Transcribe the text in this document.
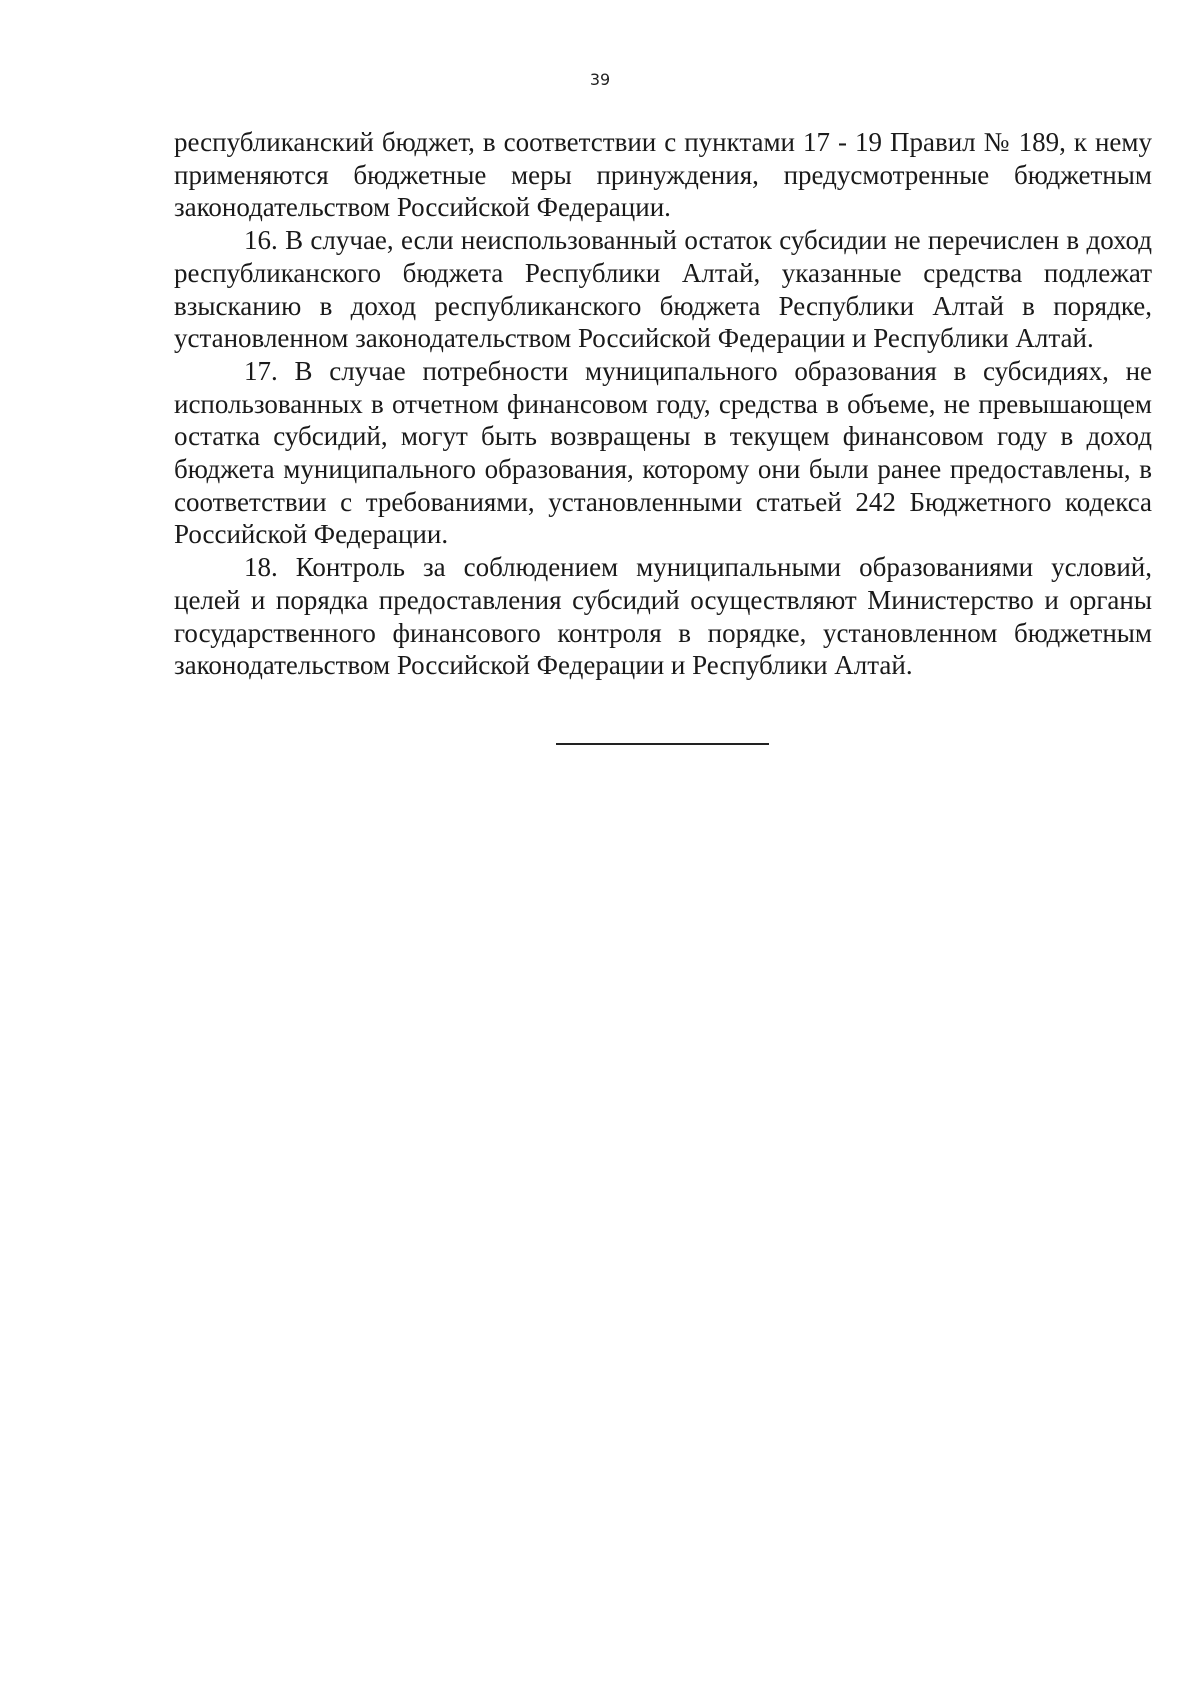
39

республиканский бюджет, в соответствии с пунктами 17 - 19 Правил № 189, к нему применяются бюджетные меры принуждения, предусмотренные бюджетным законодательством Российской Федерации.

16. В случае, если неиспользованный остаток субсидии не перечислен в доход республиканского бюджета Республики Алтай, указанные средства подлежат взысканию в доход республиканского бюджета Республики Алтай в порядке, установленном законодательством Российской Федерации и Республики Алтай.

17. В случае потребности муниципального образования в субсидиях, не использованных в отчетном финансовом году, средства в объеме, не превышающем остатка субсидий, могут быть возвращены в текущем финансовом году в доход бюджета муниципального образования, которому они были ранее предоставлены, в соответствии с требованиями, установленными статьей 242 Бюджетного кодекса Российской Федерации.

18. Контроль за соблюдением муниципальными образованиями условий, целей и порядка предоставления субсидий осуществляют Министерство и органы государственного финансового контроля в порядке, установленном бюджетным законодательством Российской Федерации и Республики Алтай.
